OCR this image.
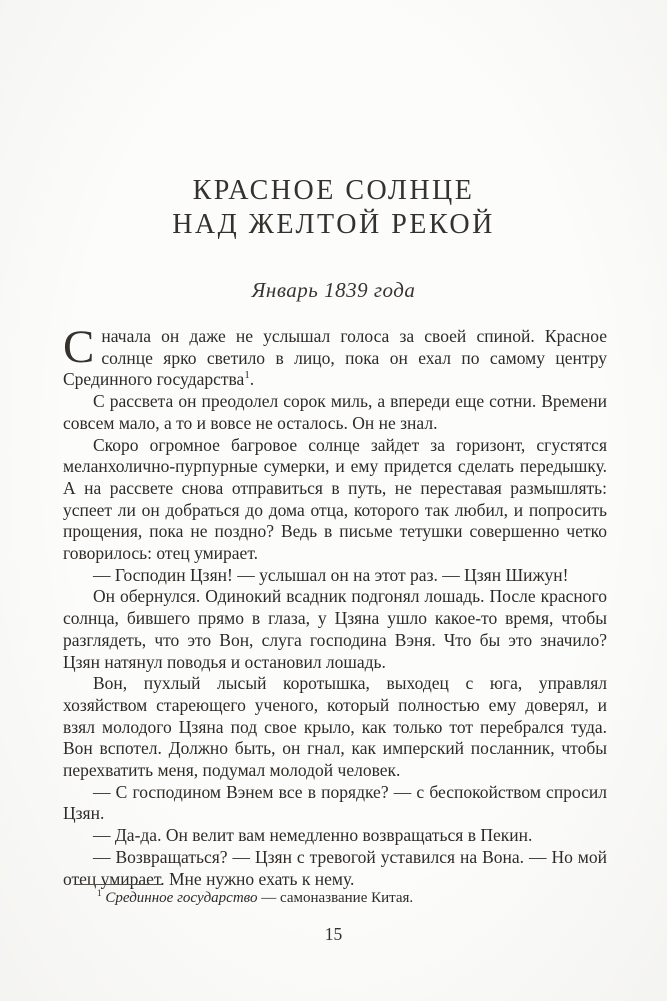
КРАСНОЕ СОЛНЦЕ
НАД ЖЕЛТОЙ РЕКОЙ
Январь 1839 года

Сначала он даже не услышал голоса за своей спиной. Красное солнце ярко светило в лицо, пока он ехал по самому центру Срединного государства$^1$.

С рассвета он преодолел сорок миль, а впереди еще сотни. Времени совсем мало, а то и вовсе не осталось. Он не знал.

Скоро огромное багровое солнце зайдет за горизонт, сгустятся меланхолично-пурпурные сумерки, и ему придется сделать передышку. А на рассвете снова отправиться в путь, не переставая размышлять: успеет ли он добраться до дома отца, которого так любил, и попросить прощения, пока не поздно? Ведь в письме тетушки совершенно четко говорилось: отец умирает.

— Господин Цзян! — услышал он на этот раз. — Цзян Шижун!

Он обернулся. Одинокий всадник подгонял лошадь. После красного солнца, бившего прямо в глаза, у Цзяна ушло какое-то время, чтобы разглядеть, что это Вон, слуга господина Вэня. Что бы это значило? Цзян натянул поводья и остановил лошадь.

Вон, пухлый лысый коротышка, выходец с юга, управлял хозяйством стареющего ученого, который полностью ему доверял, и взял молодого Цзяна под свое крыло, как только тот перебрался туда. Вон вспотел. Должно быть, он гнал, как имперский посланник, чтобы перехватить меня, подумал молодой человек.

— С господином Вэнем все в порядке? — с беспокойством спросил Цзян.

— Да-да. Он велит вам немедленно возвращаться в Пекин.

— Возвращаться? — Цзян с тревогой уставился на Вона. — Но мой отец умирает. Мне нужно ехать к нему.

$^1$ Срединное государство — самоназвание Китая.
15
